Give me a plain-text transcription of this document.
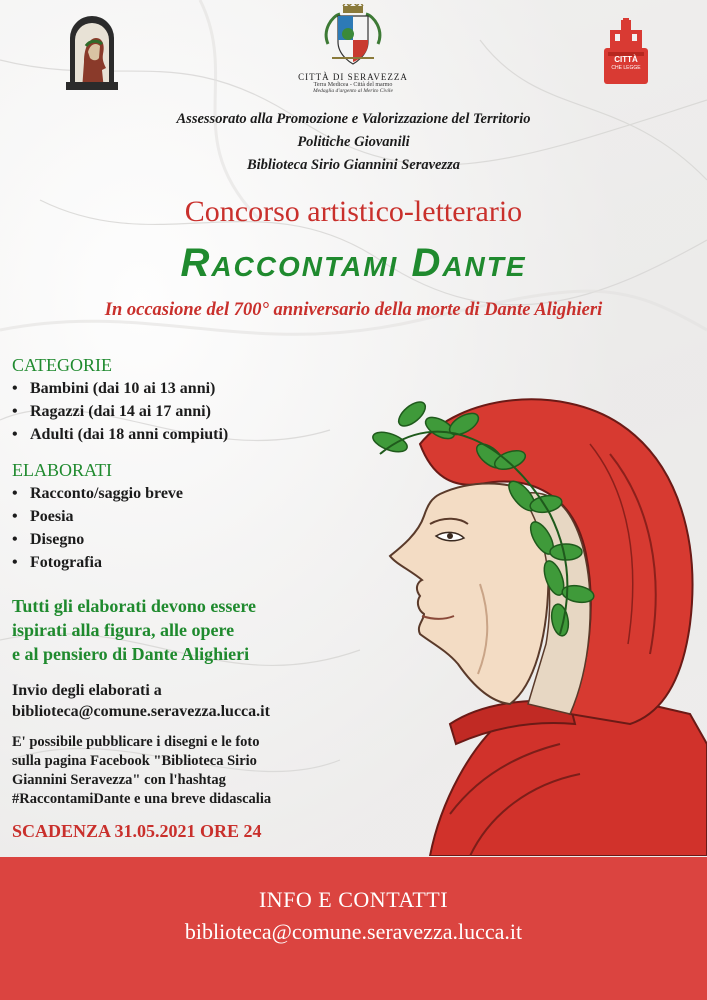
CITTÀ DI SERAVEZZA
Terra Medicea - Città del marmo
Medaglia d'argento al Merito Civile
CITTÀ
CHE LEGGE
Assessorato alla Promozione e Valorizzazione del Territorio
Politiche Giovanili
Biblioteca Sirio Giannini Seravezza
Concorso artistico-letterario
Raccontami Dante
In occasione del 700° anniversario della morte di Dante Alighieri
CATEGORIE
• Bambini (dai 10 ai 13 anni)
• Ragazzi (dai 14 ai 17 anni)
• Adulti (dai 18 anni compiuti)
ELABORATI
• Racconto/saggio breve
• Poesia
• Disegno
• Fotografia
Tutti gli elaborati devono essere
ispirati alla figura, alle opere
e al pensiero di Dante Alighieri
Invio degli elaborati a
biblioteca@comune.seravezza.lucca.it
E' possibile pubblicare i disegni e le foto
sulla pagina Facebook "Biblioteca Sirio
Giannini Seravezza" con l'hashtag
#RaccontamiDante e una breve didascalia
SCADENZA 31.05.2021 ORE 24
INFO E CONTATTI
biblioteca@comune.seravezza.lucca.it
